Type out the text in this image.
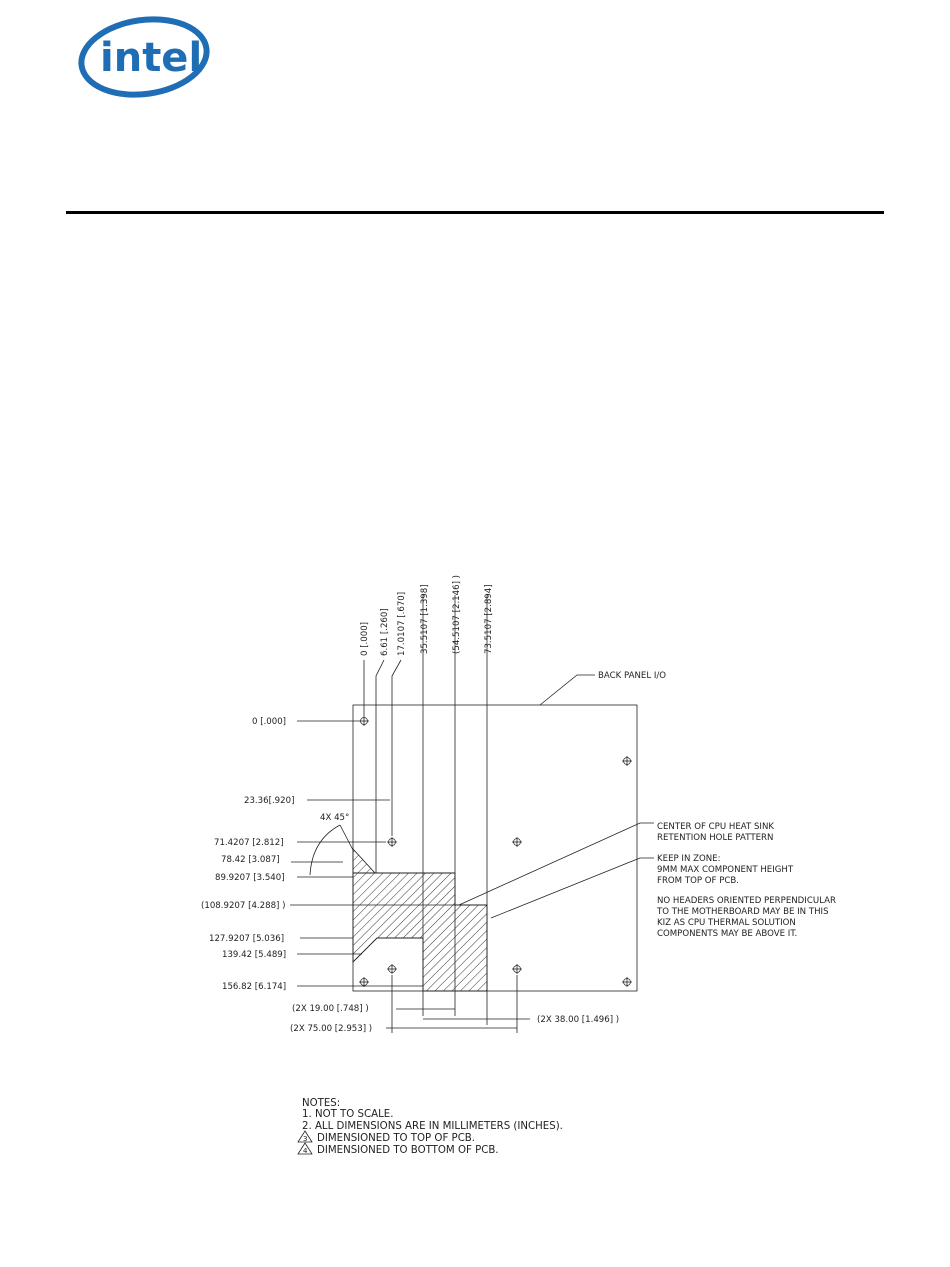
intel
0 [.000] 6.61 [.260] 17.0107 [.670] 35.5107 [1.398]	(54.5107 [2.146] )	73.5107 [2.894]
0 [.000]
23.36[.920]
4X 45°
71.4207 [2.812]
78.42 [3.087]
89.9207 [3.540]
(108.9207 [4.288] )
127.9207 [5.036]
139.42 [5.489]
156.82 [6.174]
(2X 19.00 [.748] )
(2X 38.00 [1.496] )
(2X 75.00 [2.953] )
BACK PANEL I/O
CENTER OF CPU HEAT SINK
RETENTION HOLE PATTERN
KEEP IN ZONE:
9MM MAX COMPONENT HEIGHT
FROM TOP OF PCB.
NO HEADERS ORIENTED PERPENDICULAR
TO THE MOTHERBOARD MAY BE IN THIS
KIZ AS CPU THERMAL SOLUTION
COMPONENTS MAY BE ABOVE IT.
NOTES:
1. NOT TO SCALE.
2. ALL DIMENSIONS ARE IN MILLIMETERS (INCHES).
3 DIMENSIONED TO TOP OF PCB.
4 DIMENSIONED TO BOTTOM OF PCB.
